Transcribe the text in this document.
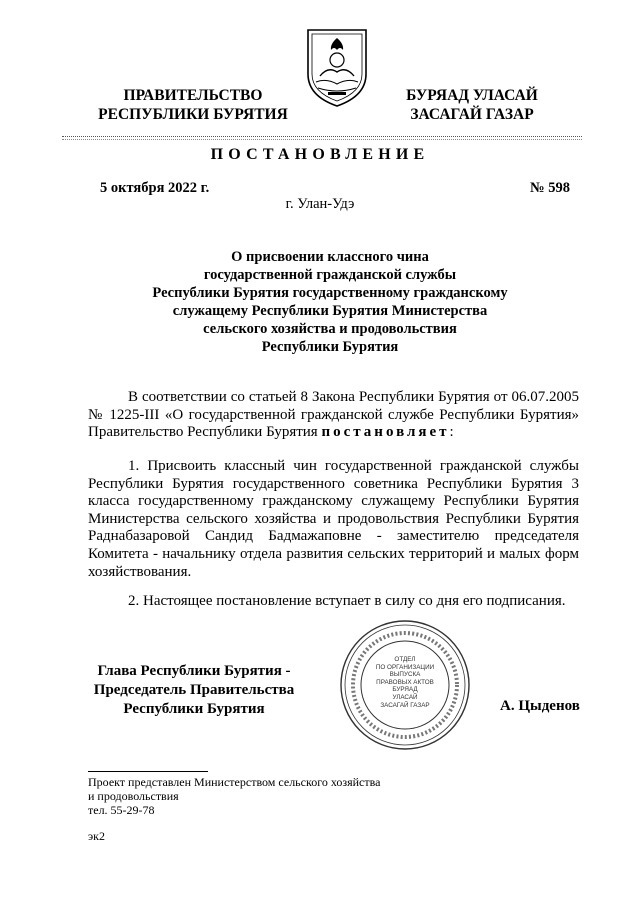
ПРАВИТЕЛЬСТВО
РЕСПУБЛИКИ БУРЯТИЯ
БУРЯАД УЛАСАЙ
ЗАСАГАЙ ГАЗАР
ПОСТАНОВЛЕНИЕ
5 октября 2022 г.	№ 598
г. Улан-Удэ
О присвоении классного чина
государственной гражданской службы
Республики Бурятия государственному гражданскому
служащему Республики Бурятия Министерства
сельского хозяйства и продовольствия
Республики Бурятия

В соответствии со статьей 8 Закона Республики Бурятия от 06.07.2005 № 1225-III «О государственной гражданской службе Республики Бурятия» Правительство Республики Бурятия постановляет:

1. Присвоить классный чин государственной гражданской службы Республики Бурятия государственного советника Республики Бурятия 3 класса государственному гражданскому служащему Республики Бурятия Министерства сельского хозяйства и продовольствия Республики Бурятия Раднабазаровой Сандид Бадмажаповне - заместителю председателя Комитета - начальнику отдела развития сельских территорий и малых форм хозяйствования.

2. Настоящее постановление вступает в силу со дня его подписания.

Глава Республики Бурятия -
Председатель Правительства
Республики Бурятия
ОТДЕЛ
ПО ОРГАНИЗАЦИИ
ВЫПУСКА
ПРАВОВЫХ АКТОВ
БУРЯАД
УЛАСАЙ
ЗАСАГАЙ ГАЗАР	А. Цыденов
Проект представлен Министерством сельского хозяйства
и продовольствия
тел. 55-29-78
эк2
